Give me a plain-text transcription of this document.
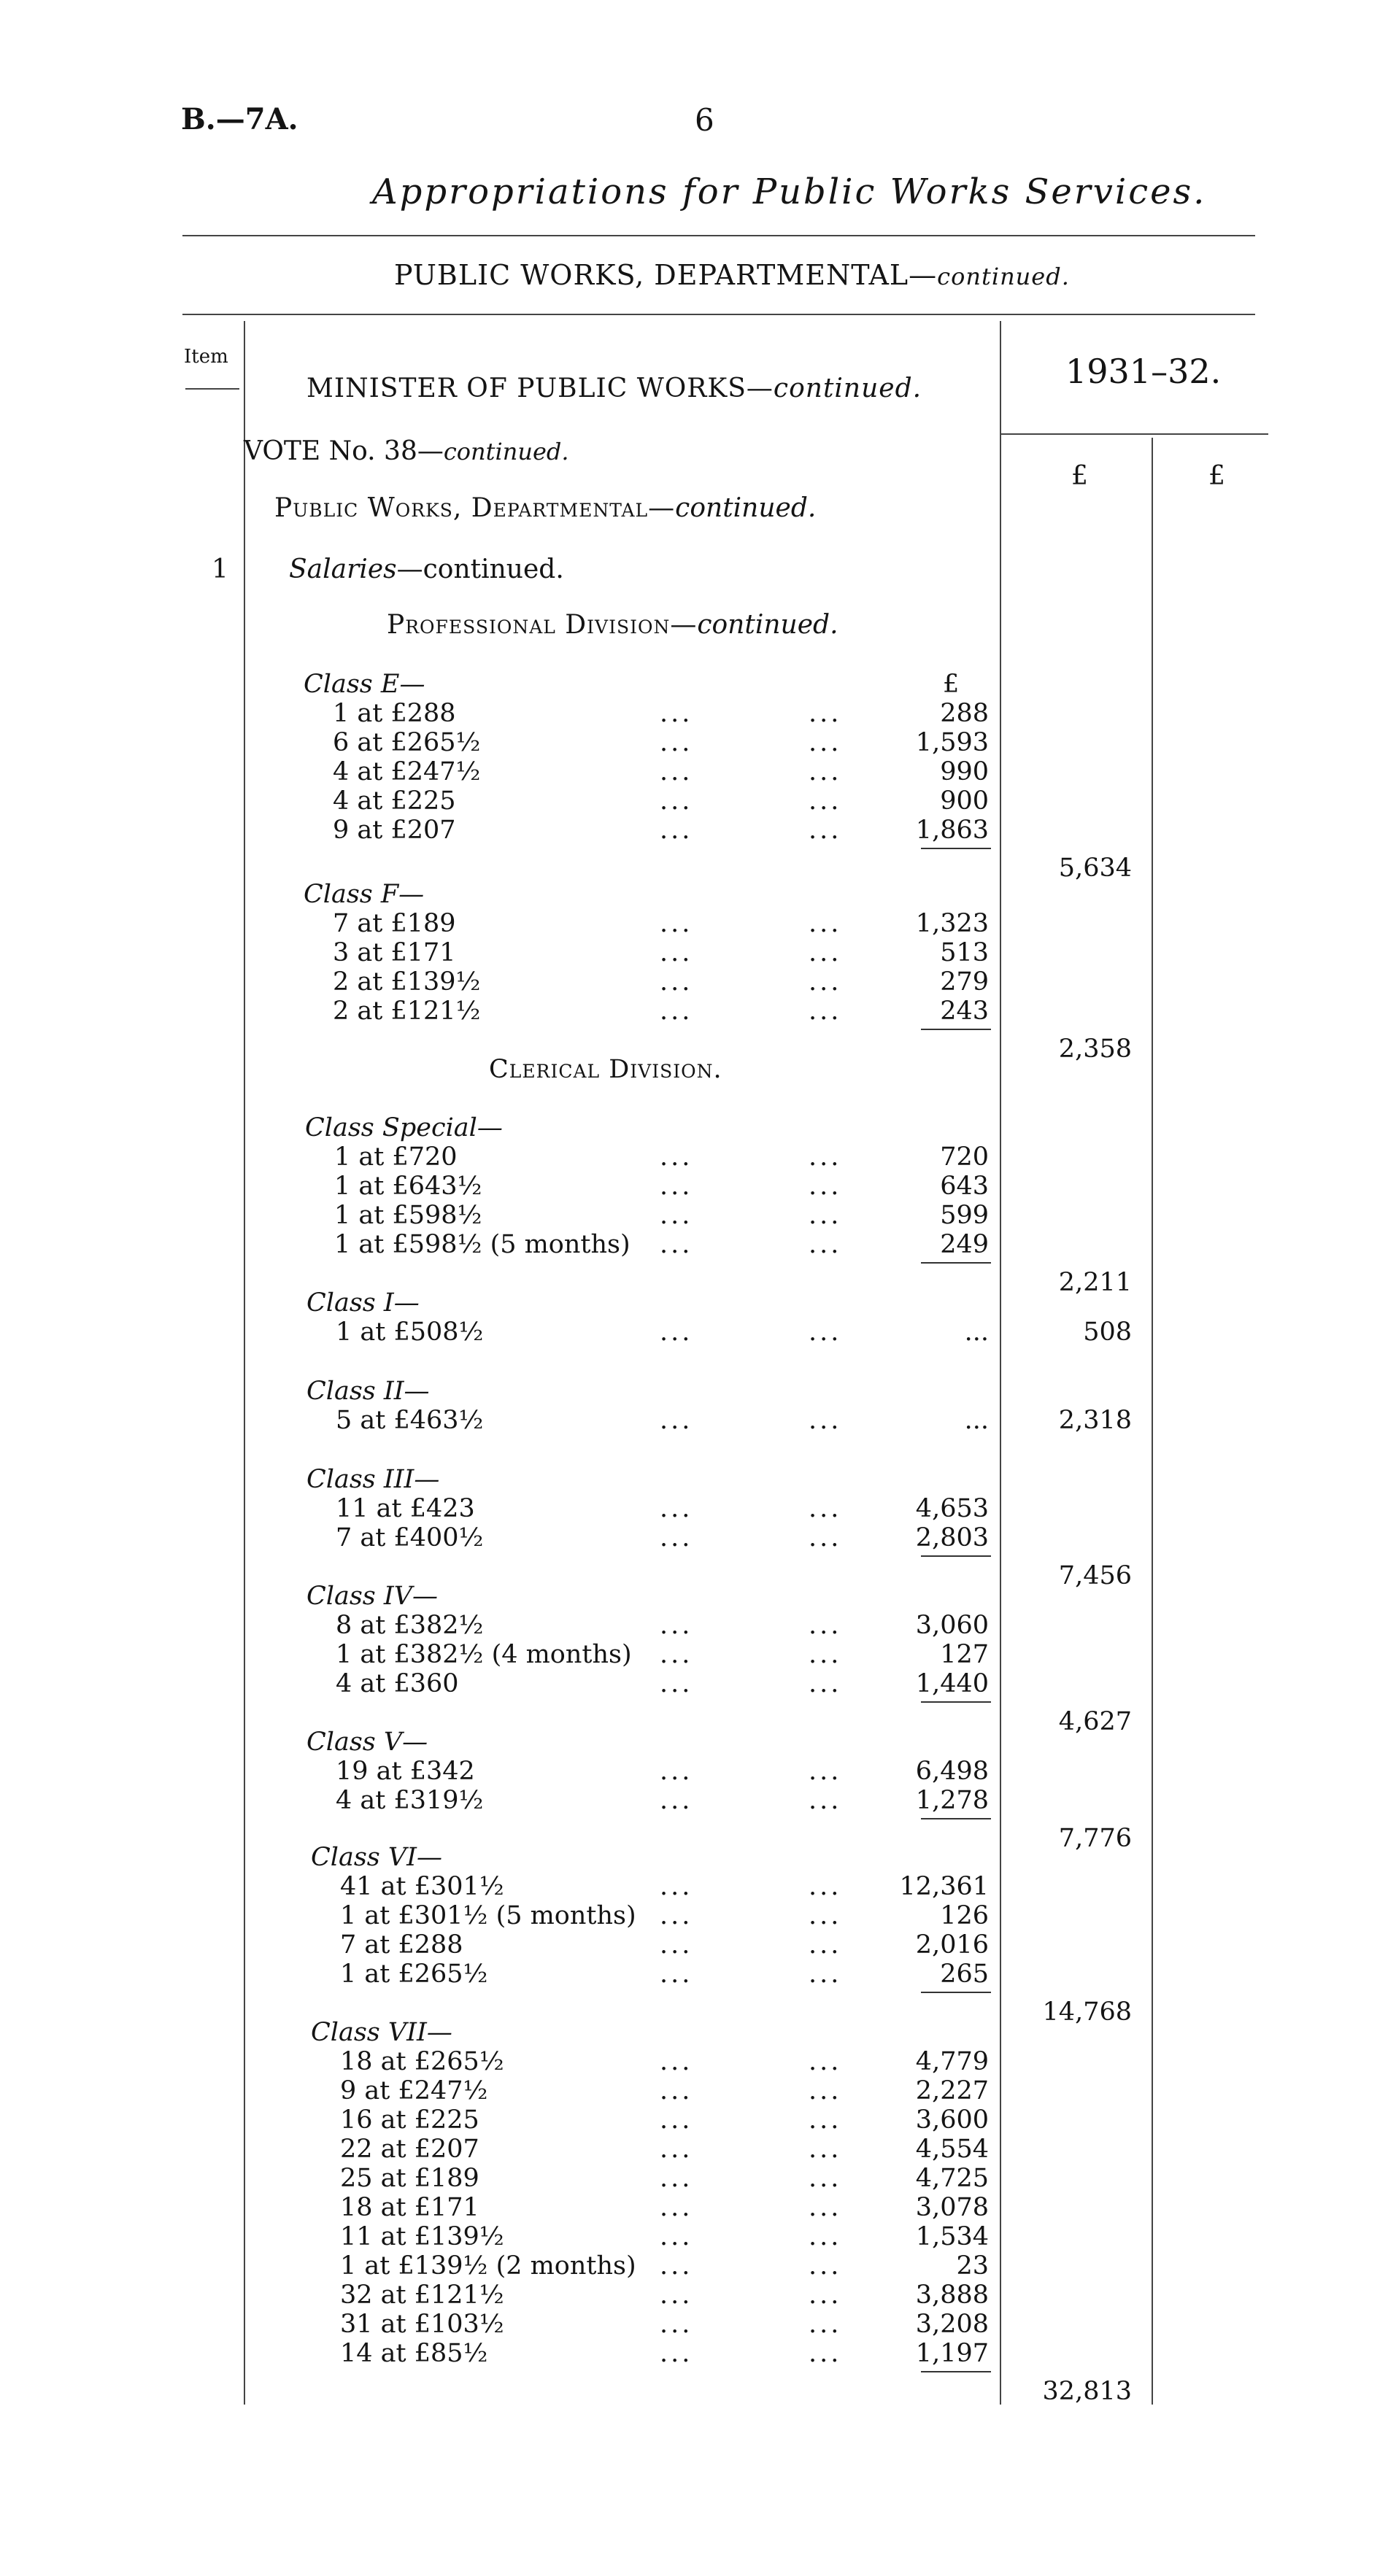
B.—7A.	6
Appropriations for Public Works Services.
PUBLIC WORKS, DEPARTMENTAL—continued.
Item	1931–32.
£	£
MINISTER OF PUBLIC WORKS—continued.
VOTE No. 38—continued.
Public Works, Departmental—continued.
1 Salaries—continued.
Professional Division—continued.
£
Clerical Division.
Class E—
1 at £288	...	...	288
6 at £265½	...	...	1,593
4 at £247½	...	...	990
4 at £225	...	...	900
9 at £207	...	...	1,863
5,634
Class F—
7 at £189	...	...	1,323
3 at £171	...	...	513
2 at £139½	...	...	279
2 at £121½	...	...	243
2,358
Class Special—
1 at £720	...	...	720
1 at £643½	...	...	643
1 at £598½	...	...	599
1 at £598½ (5 months) ...	...	249
2,211
Class I—
1 at £508½	...	...	...	508
Class II—
5 at £463½	...	...	...	2,318
Class III—
11 at £423	...	...	4,653
7 at £400½	...	...	2,803
7,456
Class IV—
8 at £382½	...	...	3,060
1 at £382½ (4 months) ...	...	127
4 at £360	...	...	1,440
4,627
Class V—
19 at £342	...	...	6,498
4 at £319½	...	...	1,278
7,776
Class VI—
41 at £301½	...	... 12,361
1 at £301½ (5 months) ...	...	126
7 at £288	...	...	2,016
1 at £265½	...	...	265
14,768
Class VII—
18 at £265½	...	...	4,779
9 at £247½	...	...	2,227
16 at £225	...	...	3,600
22 at £207	...	...	4,554
25 at £189	...	...	4,725
18 at £171	...	...	3,078
11 at £139½	...	...	1,534
1 at £139½ (2 months) ...	...	23
32 at £121½	...	...	3,888
31 at £103½	...	...	3,208
14 at £85½	...	...	1,197
32,813
